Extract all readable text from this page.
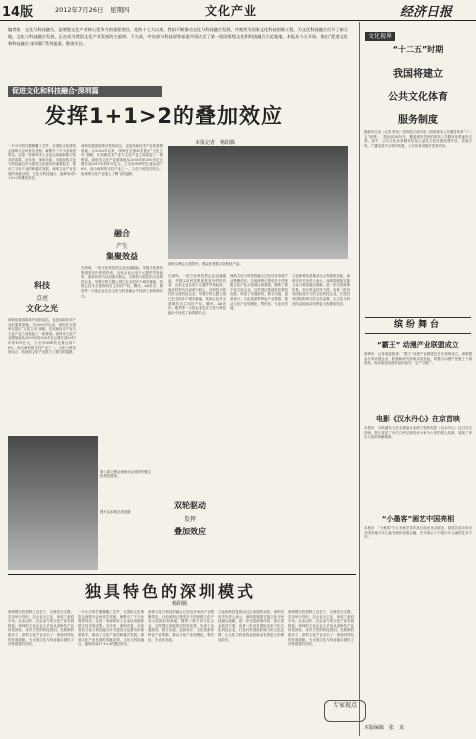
14版	2012年7月26日　星期四	文化产业	经济日报
编者按　文化与科技融合，是增强文化产业核心竞争力的重要途径。党的十七大以来，我国不断推动文化与科技融合发展，并被列为国家文化科技创新工程，为文化科技融合打开了新天地。文化与科技融合发展，正在成为我国文化产业发展的主旋律。不久前，中宣部与科技部等部委共同认定了第一批国家级文化和科技融合示范基地。本报从今天开始，推出“促进文化和科技融合·深圳篇”系列报道，敬请关注。
促进文化和科技融合·深圳篇
发挥1+1>2的叠加效应
本报记者　杨阳腾
一只小巧的打磨精雕工艺件，在国际文化博览会深圳分会场首次亮相，就吸引了不少参观者驻足。这是一家深圳本土企业运用最新数字技术的成果。近年来，深圳市委、市政府将文化与科技融合作为建设文化强市的重要抓手，推动了文化产业的跨越式发展。深圳文化产业发展的成就证明，文化与科技融合，能够形成1+1>2的叠加效应。
科技
点亮
文化之光
深圳是我国改革开放的前沿，也是高新技术产业的重要基地。自2003年以来，深圳在全国率先提出“文化立市”战略，在高新技术产业与文化产业之间架起了一座桥梁。深圳市文化产业增加值从2003年的200多亿元增长到2011年的875亿元，占全市GDP的比重达到7.6%，成为深圳的支柱产业之一。文化与科技的结合，给深圳文化产业插上了腾飞的翅膀。
深圳是我国改革开放的前沿，也是高新技术产业的重要基地。自2003年以来，深圳在全国率先提出“文化立市”战略，在高新技术产业与文化产业之间架起了一座桥梁。深圳市文化产业增加值从2003年的200多亿元增长到2011年的875亿元，占全市GDP的比重达到7.6%，成为深圳的支柱产业之一。文化与科技的结合，给深圳文化产业插上了腾飞的翅膀。
融合
产生
集聚效益
在深圳，一批文化科技型企业迅速崛起。华强文化科技集团是其中的佼佼者，这家企业从电子元器件贸易起家，逐步转型为以创意为核心、以科技为依托的文化科技企业。华强方特主题公园已在全国多个城市落地，其核心技术全部拥有自主知识产权。腾讯、A8音乐、雅昌等一大批企业也在文化与科技融合中找到了新的增长点。
深圳文博会主展馆内，观众在观看文化科技产品。
第八届文博会深圳分会场的华强文化科技展馆。
图片由本报记者拍摄
在深圳，一批文化科技型企业迅速崛起。华强文化科技集团是其中的佼佼者，这家企业从电子元器件贸易起家，逐步转型为以创意为核心、以科技为依托的文化科技企业。华强方特主题公园已在全国多个城市落地，其核心技术全部拥有自主知识产权。腾讯、A8音乐、雅昌等一大批企业也在文化与科技融合中找到了新的增长点。
深圳文化与科技的融合已经初步形成产业集聚效应。目前深圳已建成多个国家级文化产业示范园区和基地，聚集了数千家文化企业。这些园区基地依托科技优势，形成了动漫游戏、数字出版、创意设计、文化旅游等特色产业集群，推动文化产业规模化、集约化、专业化发展。
文化和科技是推动社会发展的双轮。深圳市有关负责人表示，深圳将继续实施文化与科技融合战略，进一步完善政策体系，加大资金扶持力度，培育一批具有国际竞争力的文化科技企业，打造具有国际影响力的文化品牌，让文化与科技的双轮驱动发挥更大的叠加效应。
双轮驱动
发挥
叠加效应
独具特色的深圳模式
杨阳腾
深圳模式的独特之处在于，以科技为支撑，以市场为导向，以企业为主体，形成了政府引导、企业运作、社会参与的文化产业发展格局。深圳的文化企业大多是从高科技产业转型而来，具有天然的科技基因。在政策的推动下，深圳文化产业走出了一条独具特色的发展道路，为全国文化与科技融合提供了可资借鉴的经验。
一只小巧的打磨精雕工艺件，在国际文化博览会深圳分会场首次亮相，就吸引了不少参观者驻足。这是一家深圳本土企业运用最新数字技术的成果。近年来，深圳市委、市政府将文化与科技融合作为建设文化强市的重要抓手，推动了文化产业的跨越式发展。深圳文化产业发展的成就证明，文化与科技融合，能够形成1+1>2的叠加效应。
深圳文化与科技的融合已经初步形成产业集聚效应。目前深圳已建成多个国家级文化产业示范园区和基地，聚集了数千家文化企业。这些园区基地依托科技优势，形成了动漫游戏、数字出版、创意设计、文化旅游等特色产业集群，推动文化产业规模化、集约化、专业化发展。
文化和科技是推动社会发展的双轮。深圳市有关负责人表示，深圳将继续实施文化与科技融合战略，进一步完善政策体系，加大资金扶持力度，培育一批具有国际竞争力的文化科技企业，打造具有国际影响力的文化品牌，让文化与科技的双轮驱动发挥更大的叠加效应。
深圳模式的独特之处在于，以科技为支撑，以市场为导向，以企业为主体，形成了政府引导、企业运作、社会参与的文化产业发展格局。深圳的文化企业大多是从高科技产业转型而来，具有天然的科技基因。在政策的推动下，深圳文化产业走出了一条独具特色的发展道路，为全国文化与科技融合提供了可资借鉴的经验。
专家视点
文化视界
“十二五”时期
我国将建立
公共文化体育
服务制度
据新华社电（记者 张东）国务院日前印发《国家基本公共服务体系“十二五”规划》，提出到2015年，覆盖城乡居民的基本公共服务体系逐步完善。其中，公共文化体育服务包括公益性文化设施免费开放、送地方戏、广播电视节目收听收看、公共体育设施开放等内容。
缤纷舞台
“霸王” 动漫产业联盟成立
深圳讯　记者周雷报道：“霸王”动漫产业联盟近日在深圳成立。该联盟由多家动漫企业、院校和研究机构共同发起，将整合动漫产业链上下游资源，推动原创动漫作品的创作、生产与推广。
电影《汉水丹心》在京首映
本报讯　反映湖北人民支援南水北调工程的电影《汉水丹心》近日在京首映。影片讲述了丹江口库区移民舍小家为大家的感人故事，展现了库区人民的奉献精神。
“小墨客”画艺中国亮相
本报讯　“小墨客”少儿书画艺术作品日前在北京展出。展览共展出来自全国各地少年儿童书画作品数百幅，充分展示了中国少年儿童的艺术才华。
本版编辑　张　龙
